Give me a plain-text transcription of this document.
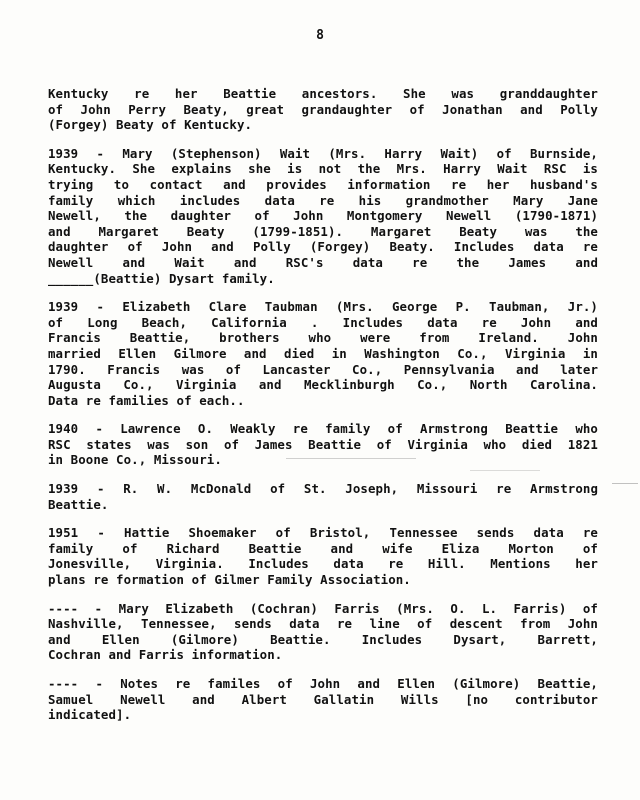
8
Kentucky re her Beattie ancestors. She was granddaughter
of John Perry Beaty, great grandaughter of Jonathan and Polly
(Forgey) Beaty of Kentucky.
1939 - Mary (Stephenson) Wait (Mrs. Harry Wait) of Burnside,
Kentucky. She explains she is not the Mrs. Harry Wait RSC is
trying to contact and provides information re her husband's
family which includes data re his grandmother Mary Jane
Newell, the daughter of John Montgomery Newell (1790-1871)
and Margaret Beaty (1799-1851). Margaret Beaty was the
daughter of John and Polly (Forgey) Beaty. Includes data re
Newell and Wait and RSC's data re the James and
______(Beattie) Dysart family.
1939 - Elizabeth Clare Taubman (Mrs. George P. Taubman, Jr.)
of Long Beach, California . Includes data re John and
Francis Beattie, brothers who were from Ireland. John
married Ellen Gilmore and died in Washington Co., Virginia in
1790. Francis was of Lancaster Co., Pennsylvania and later
Augusta Co., Virginia and Mecklinburgh Co., North Carolina.
Data re families of each..
1940 - Lawrence O. Weakly re family of Armstrong Beattie who
RSC states was son of James Beattie of Virginia who died 1821
in Boone Co., Missouri.
1939 - R. W. McDonald of St. Joseph, Missouri re Armstrong
Beattie.
1951 - Hattie Shoemaker of Bristol, Tennessee sends data re
family of Richard Beattie and wife Eliza Morton of
Jonesville, Virginia. Includes data re Hill. Mentions her
plans re formation of Gilmer Family Association.
---- - Mary Elizabeth (Cochran) Farris (Mrs. O. L. Farris) of
Nashville, Tennessee, sends data re line of descent from John
and Ellen (Gilmore) Beattie. Includes Dysart, Barrett,
Cochran and Farris information.
---- - Notes re familes of John and Ellen (Gilmore) Beattie,
Samuel Newell and Albert Gallatin Wills [no contributor
indicated].
